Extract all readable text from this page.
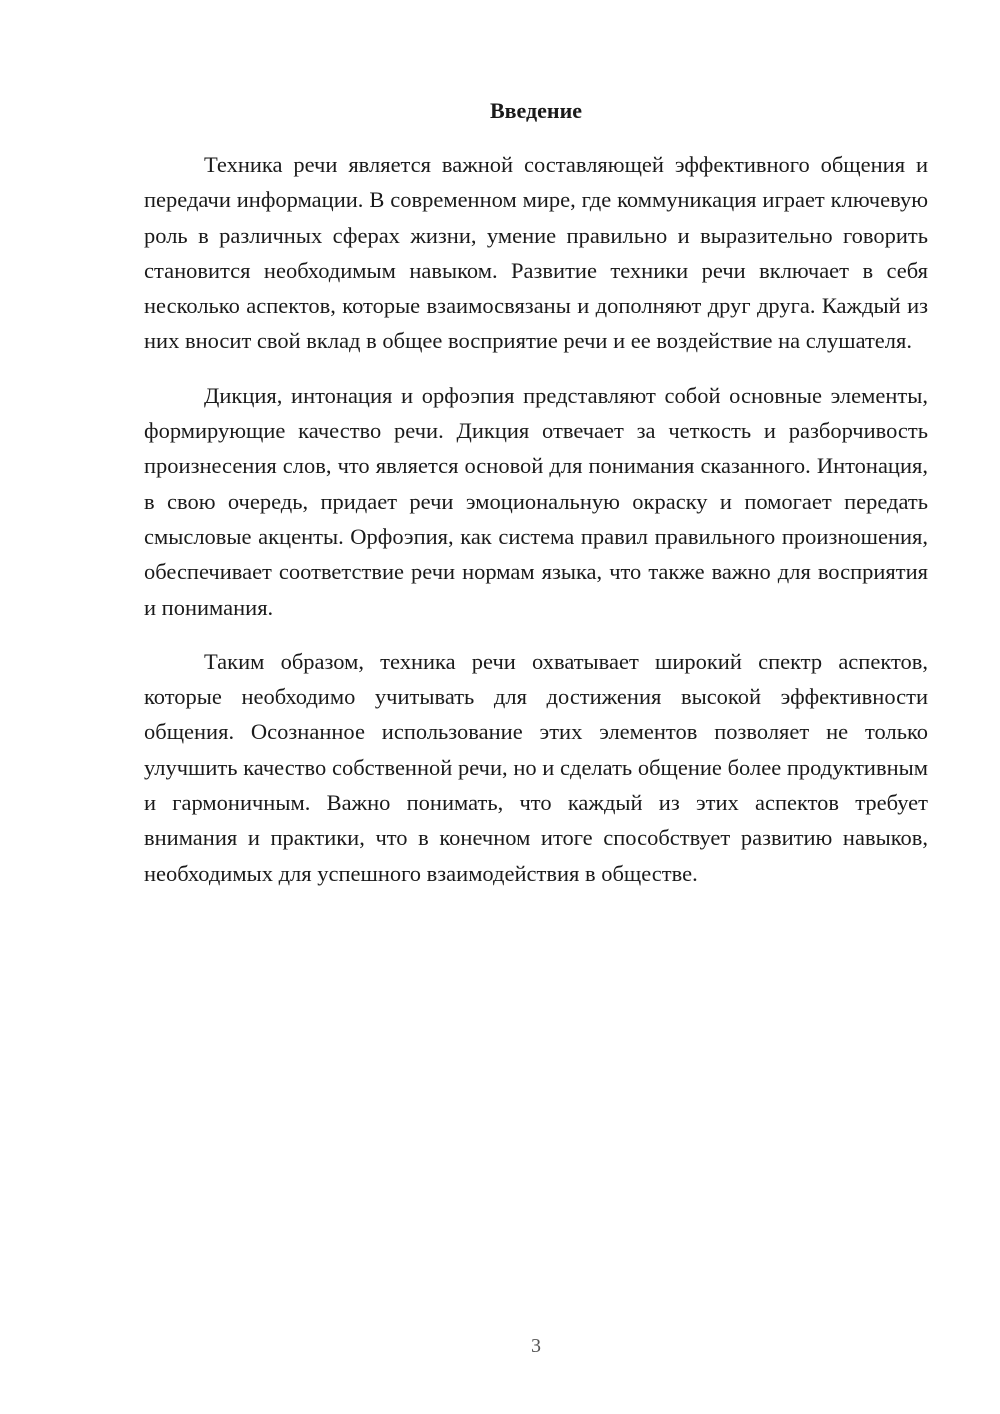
Введение

Техника речи является важной составляющей эффективного общения и передачи информации. В современном мире, где коммуникация играет ключевую роль в различных сферах жизни, умение правильно и выразительно говорить становится необходимым навыком. Развитие техники речи включает в себя несколько аспектов, которые взаимосвязаны и дополняют друг друга. Каждый из них вносит свой вклад в общее восприятие речи и ее воздействие на слушателя.

Дикция, интонация и орфоэпия представляют собой основные элементы, формирующие качество речи. Дикция отвечает за четкость и разборчивость произнесения слов, что является основой для понимания сказанного. Интонация, в свою очередь, придает речи эмоциональную окраску и помогает передать смысловые акценты. Орфоэпия, как система правил правильного произношения, обеспечивает соответствие речи нормам языка, что также важно для восприятия и понимания.

Таким образом, техника речи охватывает широкий спектр аспектов, которые необходимо учитывать для достижения высокой эффективности общения. Осознанное использование этих элементов позволяет не только улучшить качество собственной речи, но и сделать общение более продуктивным и гармоничным. Важно понимать, что каждый из этих аспектов требует внимания и практики, что в конечном итоге способствует развитию навыков, необходимых для успешного взаимодействия в обществе.

3
